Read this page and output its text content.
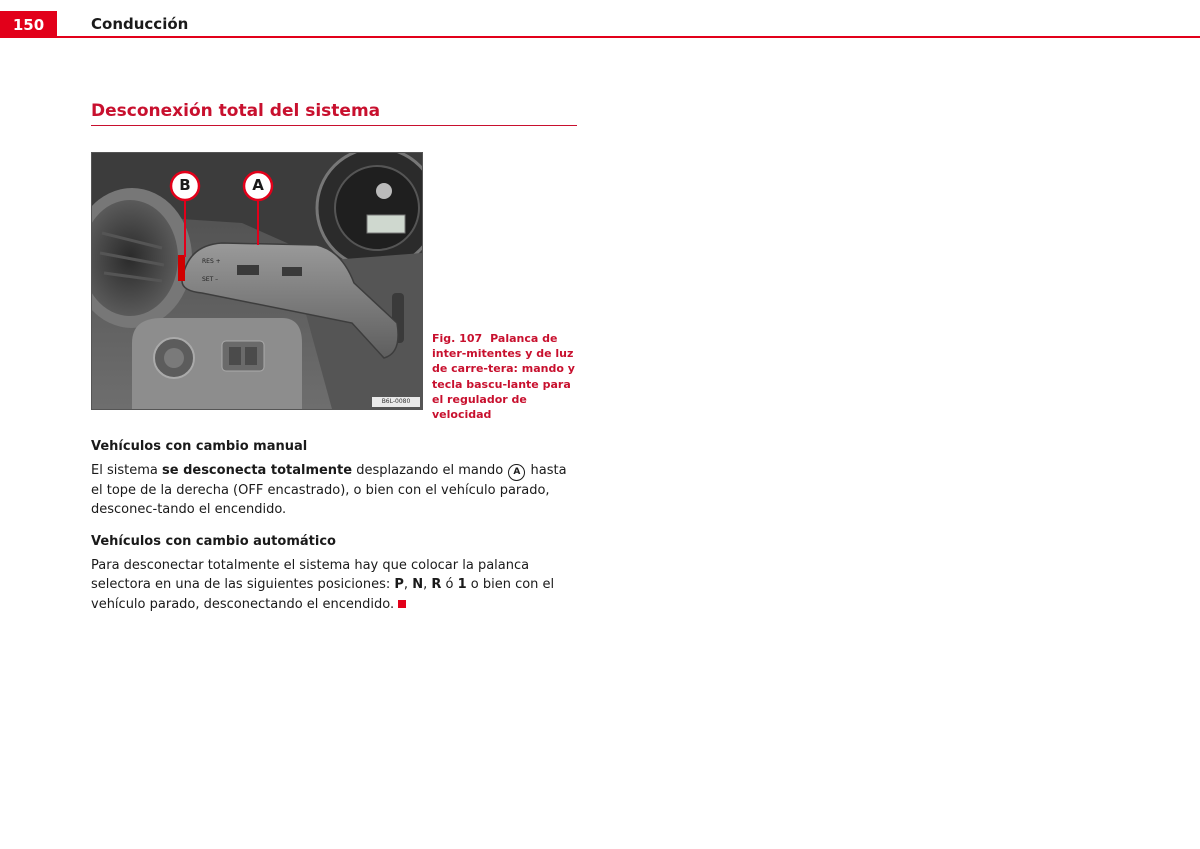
150	Conducción
Desconexión total del sistema
RES +
SET –
B	A
B6L-0080
Fig. 107 Palanca de inter-mitentes y de luz de carre-tera: mando y tecla bascu-lante para el regulador de velocidad
Vehículos con cambio manual
El sistema se desconecta totalmente desplazando el mando A hasta el tope de la derecha (OFF encastrado), o bien con el vehículo parado, desconec-tando el encendido.
Vehículos con cambio automático
Para desconectar totalmente el sistema hay que colocar la palanca selectora en una de las siguientes posiciones: P, N, R ó 1 o bien con el vehículo parado, desconectando el encendido.
